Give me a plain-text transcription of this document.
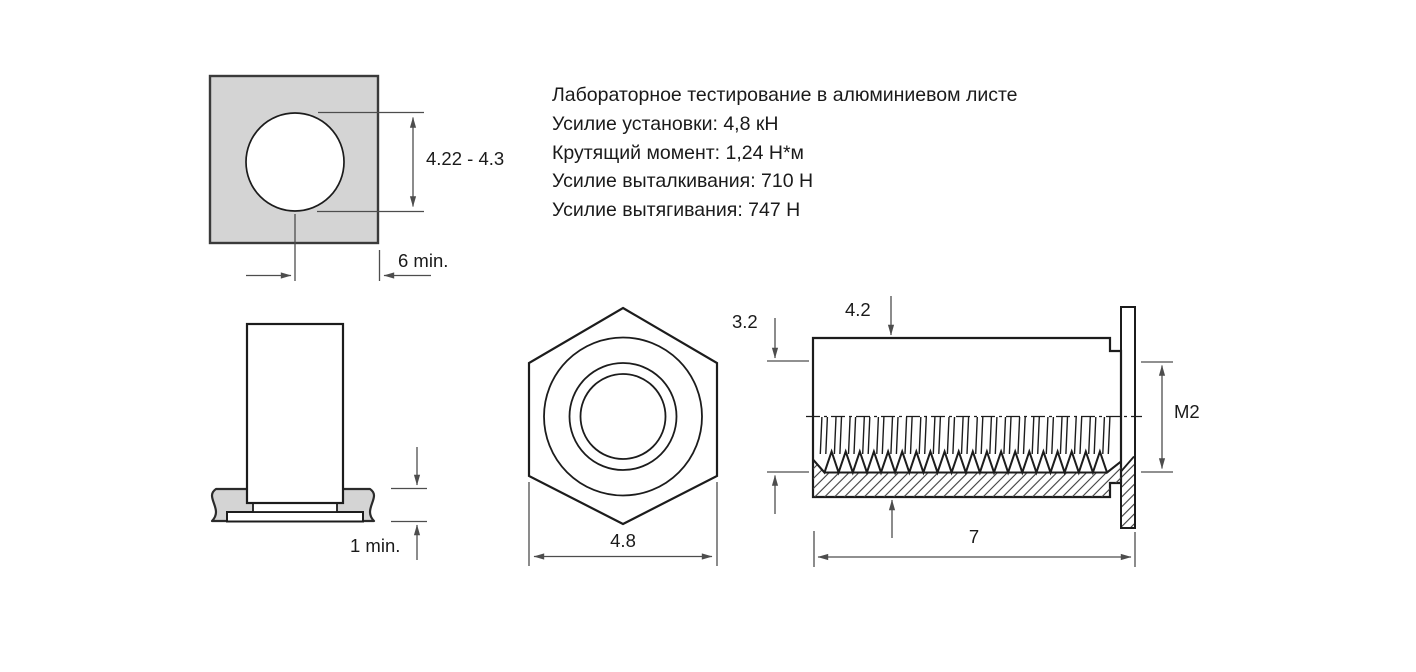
Лабораторное тестирование в алюминиевом листе
Усилие установки: 4,8 кН
Крутящий момент: 1,24 Н*м
Усилие выталкивания: 710 Н
Усилие вытягивания: 747 Н
4.22 - 4.3
6 min.
1 min.	4.8
3.2
4.2
M2
7
